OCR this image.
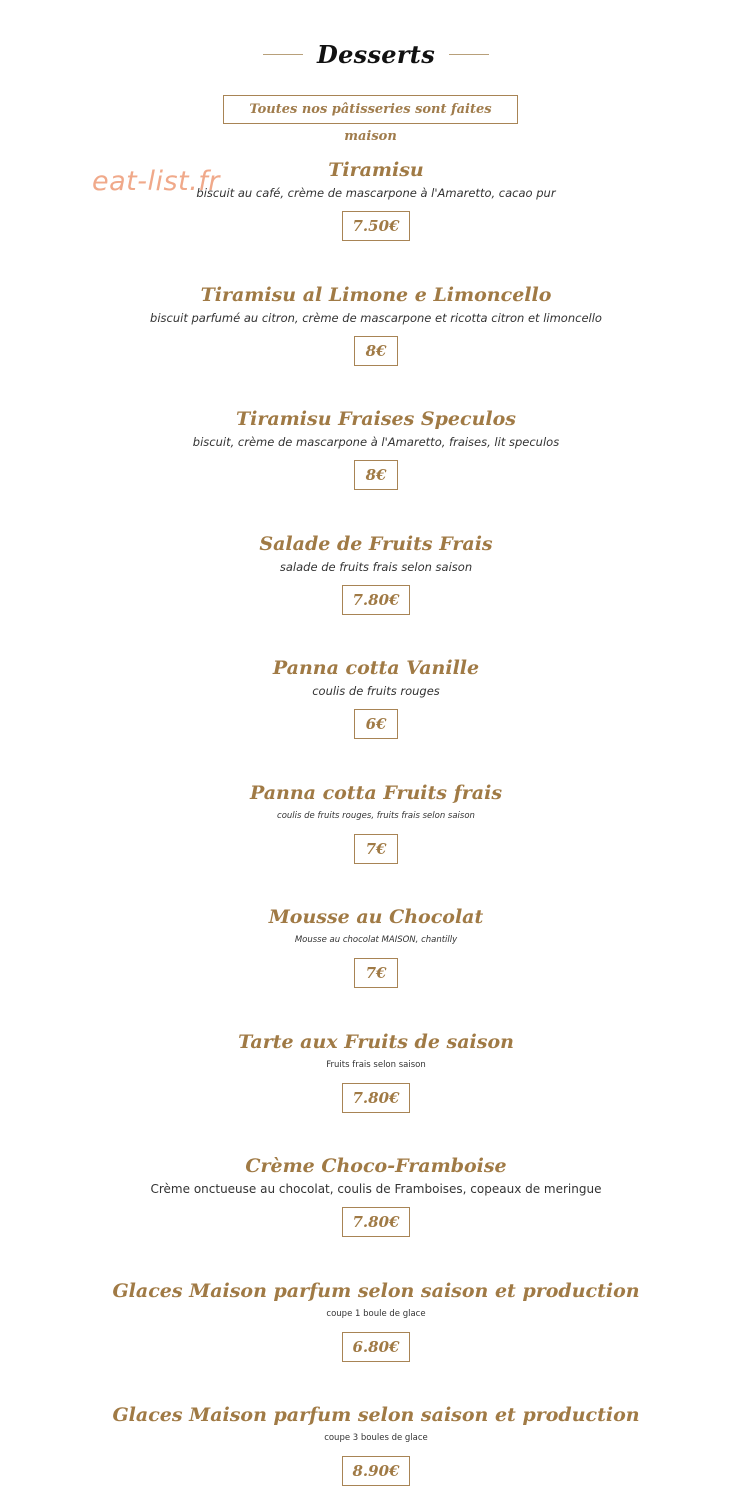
Desserts
Toutes nos pâtisseries sont faites maison
Tiramisu
biscuit au café, crème de mascarpone à l'Amaretto, cacao pur
7.50€
Tiramisu al Limone e Limoncello
biscuit parfumé au citron, crème de mascarpone et ricotta citron et limoncello
8€
Tiramisu Fraises Speculos
biscuit, crème de mascarpone à l'Amaretto, fraises, lit speculos
8€
Salade de Fruits Frais
salade de fruits frais selon saison
7.80€
Panna cotta Vanille
coulis de fruits rouges
6€
Panna cotta Fruits frais
coulis de fruits rouges, fruits frais selon saison
7€
Mousse au Chocolat
Mousse au chocolat MAISON, chantilly
7€
Tarte aux Fruits de saison
Fruits frais selon saison
7.80€
Crème Choco-Framboise
Crème onctueuse au chocolat, coulis de Framboises, copeaux de meringue
7.80€
Glaces Maison parfum selon saison et production
coupe 1 boule de glace
6.80€
Glaces Maison parfum selon saison et production
coupe 3 boules de glace
8.90€
eat-list.fr
